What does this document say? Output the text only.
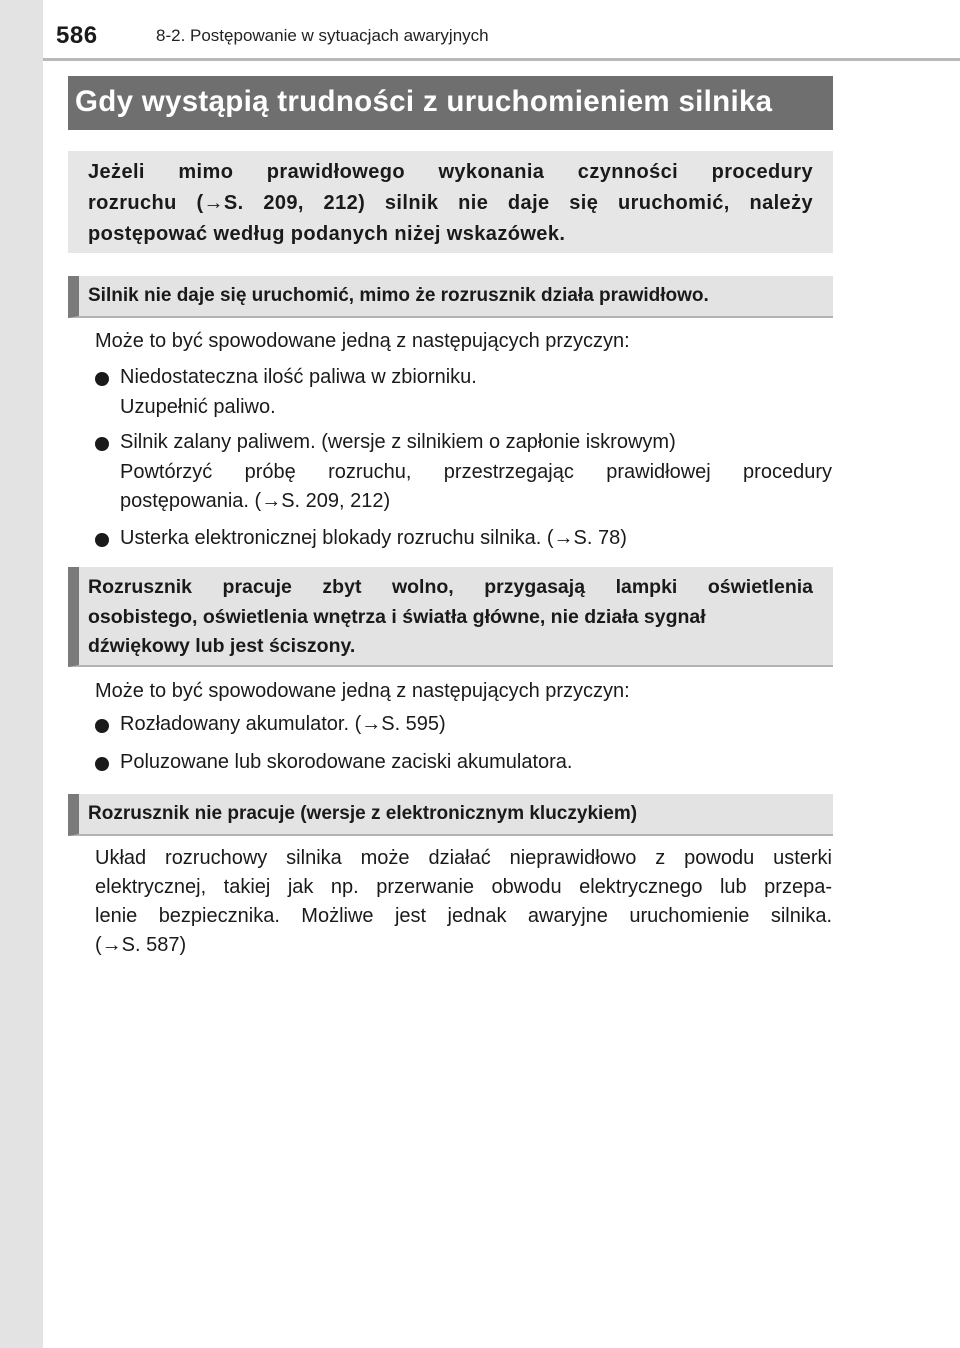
586	8-2. Postępowanie w sytuacjach awaryjnych
Gdy wystąpią trudności z uruchomieniem silnika
Jeżeli mimo prawidłowego wykonania czynności procedury
rozruchu (→S. 209, 212) silnik nie daje się uruchomić, należy
postępować według podanych niżej wskazówek.
Silnik nie daje się uruchomić, mimo że rozrusznik działa prawidłowo.
Może to być spowodowane jedną z następujących przyczyn:
Niedostateczna ilość paliwa w zbiorniku.
Uzupełnić paliwo.
Silnik zalany paliwem. (wersje z silnikiem o zapłonie iskrowym)
Powtórzyć próbę rozruchu, przestrzegając prawidłowej procedury
postępowania. (→S. 209, 212)
Usterka elektronicznej blokady rozruchu silnika. (→S. 78)
Rozrusznik pracuje zbyt wolno, przygasają lampki oświetlenia
osobistego, oświetlenia wnętrza i światła główne, nie działa sygnał
dźwiękowy lub jest ściszony.
Może to być spowodowane jedną z następujących przyczyn:
Rozładowany akumulator. (→S. 595)
Poluzowane lub skorodowane zaciski akumulatora.
Rozrusznik nie pracuje (wersje z elektronicznym kluczykiem)
Układ rozruchowy silnika może działać nieprawidłowo z powodu usterki
elektrycznej, takiej jak np. przerwanie obwodu elektrycznego lub przepa-
lenie bezpiecznika. Możliwe jest jednak awaryjne uruchomienie silnika.
(→S. 587)
